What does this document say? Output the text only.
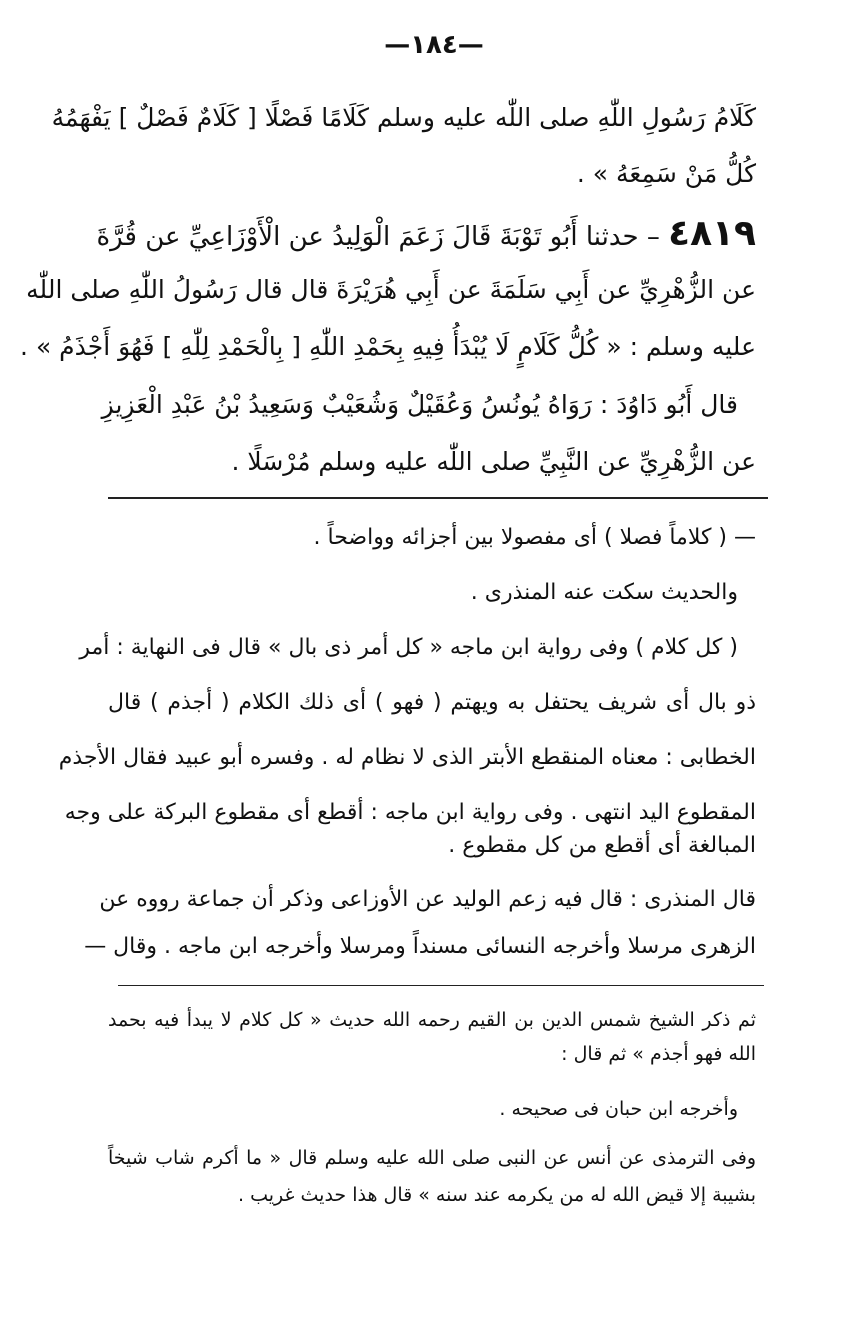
—١٨٤—
كَلَامُ رَسُولِ اللّٰهِ صلى اللّٰه عليه وسلم كَلَامًا فَصْلًا [ كَلَامٌ فَصْلٌ ] يَفْهَمُهُ
كُلُّ مَنْ سَمِعَهُ » .
٤٨١٩ – حدثنا أَبُو تَوْبَةَ قَالَ زَعَمَ الْوَلِيدُ عن الْأَوْزَاعِيِّ عن قُرَّةَ
عن الزُّهْرِيِّ عن أَبِي سَلَمَةَ عن أَبِي هُرَيْرَةَ قال قال رَسُولُ اللّٰهِ صلى اللّٰه
عليه وسلم : « كُلُّ كَلَامٍ لَا يُبْدَأُ فِيهِ بِحَمْدِ اللّٰهِ [ بِالْحَمْدِ لِلّٰهِ ] فَهُوَ أَجْذَمُ » .
قال أَبُو دَاوُدَ : رَوَاهُ يُونُسُ وَعُقَيْلٌ وَشُعَيْبٌ وَسَعِيدُ بْنُ عَبْدِ الْعَزِيزِ
عن الزُّهْرِيِّ عن النَّبِيِّ صلى اللّٰه عليه وسلم مُرْسَلًا .
— ( كلاماً فصلا ) أى مفصولا بين أجزائه وواضحاً .
والحديث سكت عنه المنذرى .
( كل كلام ) وفى رواية ابن ماجه « كل أمر ذى بال » قال فى النهاية : أمر
ذو بال أى شريف يحتفل به ويهتم ( فهو ) أى ذلك الكلام ( أجذم ) قال
الخطابى : معناه المنقطع الأبتر الذى لا نظام له . وفسره أبو عبيد فقال الأجذم
المقطوع اليد انتهى . وفى رواية ابن ماجه : أقطع أى مقطوع البركة على وجه
المبالغة أى أقطع من كل مقطوع .
قال المنذرى : قال فيه زعم الوليد عن الأوزاعى وذكر أن جماعة رووه عن
الزهرى مرسلا وأخرجه النسائى مسنداً ومرسلا وأخرجه ابن ماجه . وقال —
ثم ذكر الشيخ شمس الدين بن القيم رحمه الله حديث « كل كلام لا يبدأ فيه بحمد
الله فهو أجذم » ثم قال :
وأخرجه ابن حبان فى صحيحه .
وفى الترمذى عن أنس عن النبى صلى الله عليه وسلم قال « ما أكرم شاب شيخاً
بشيبة إلا قيض الله له من يكرمه عند سنه » قال هذا حديث غريب .
